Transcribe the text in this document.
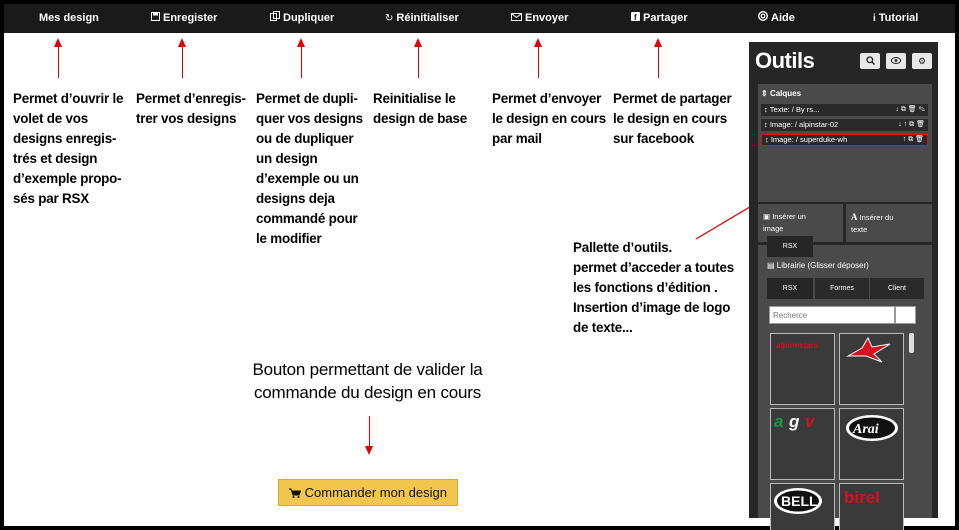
Mes design	Enregister	Dupliquer	↻ Réinitialiser	Envoyer	f Partager	Aide	i Tutorial
Permet d’ouvrir le
volet de vos
designs enregis-
trés et design
d’exemple propo-
sés par RSX
Permet d’enregis-
trer vos designs
Permet de dupli-
quer vos designs
ou de dupliquer
un design
d’exemple ou un
designs deja
commandé pour
le modifier
Reinitialise le
design de base
Permet d’envoyer
le design en cours
par mail
Permet de partager
le design en cours
sur facebook
Pallette d’outils.
permet d’acceder a toutes
les fonctions d’édition .
Insertion d’image de logo
de texte...
Bouton permettant de valider la
commande du design en cours
Commander mon design
Outils	⚙
⇕ Calques
↕ Texte: / By rs...	↓ ⧉ 🗑 ✎
↕ Image: / alpinstar-02	↓ ↑ ⧉ 🗑
↕ Image: / superduke-wh	↑ ⧉ 🗑
▣ Insérer un
image
A Insérer du
texte
▤ Librairie (Glisser déposer)
RSX
Formes	Client
RSX
Recherce
alpinestars
a g v	Arai
BELL birel
